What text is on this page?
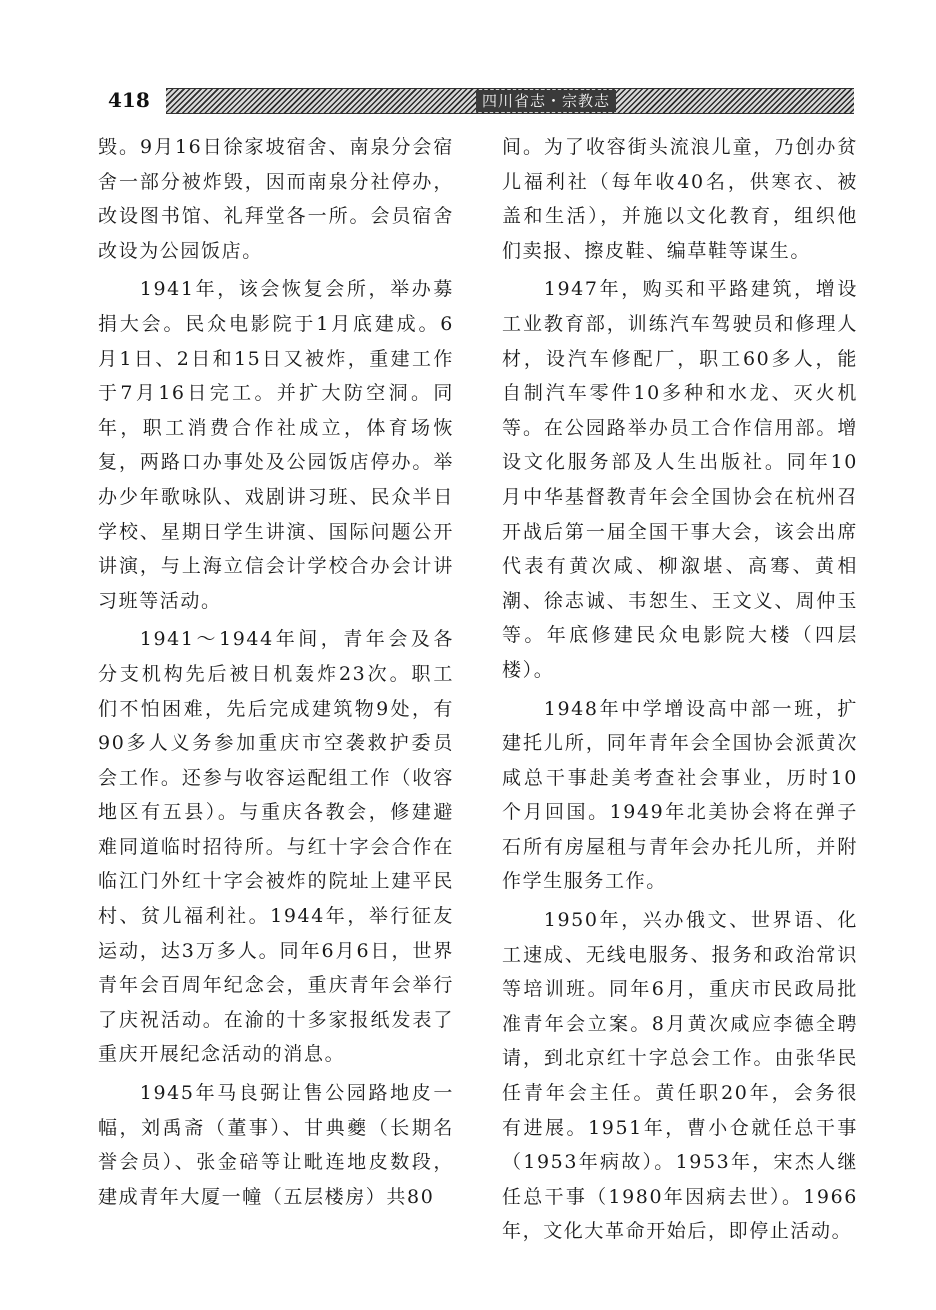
418	四川省志・宗教志

毁。9月16日徐家坡宿舍、南泉分会宿舍一部分被炸毁，因而南泉分社停办，改设图书馆、礼拜堂各一所。会员宿舍改设为公园饭店。

1941年，该会恢复会所，举办募捐大会。民众电影院于1月底建成。6月1日、2日和15日又被炸，重建工作于7月16日完工。并扩大防空洞。同年，职工消费合作社成立，体育场恢复，两路口办事处及公园饭店停办。举办少年歌咏队、戏剧讲习班、民众半日学校、星期日学生讲演、国际问题公开讲演，与上海立信会计学校合办会计讲习班等活动。

1941～1944年间，青年会及各分支机构先后被日机轰炸23次。职工们不怕困难，先后完成建筑物9处，有90多人义务参加重庆市空袭救护委员会工作。还参与收容运配组工作（收容地区有五县）。与重庆各教会，修建避难同道临时招待所。与红十字会合作在临江门外红十字会被炸的院址上建平民村、贫儿福利社。1944年，举行征友运动，达3万多人。同年6月6日，世界青年会百周年纪念会，重庆青年会举行了庆祝活动。在渝的十多家报纸发表了重庆开展纪念活动的消息。

1945年马良弼让售公园路地皮一幅，刘禹斋（董事）、甘典夔（长期名誉会员）、张金碚等让毗连地皮数段，建成青年大厦一幢（五层楼房）共80

间。为了收容街头流浪儿童，乃创办贫儿福利社（每年收40名，供寒衣、被盖和生活），并施以文化教育，组织他们卖报、擦皮鞋、编草鞋等谋生。

1947年，购买和平路建筑，增设工业教育部，训练汽车驾驶员和修理人材，设汽车修配厂，职工60多人，能自制汽车零件10多种和水龙、灭火机等。在公园路举办员工合作信用部。增设文化服务部及人生出版社。同年10月中华基督教青年会全国协会在杭州召开战后第一届全国干事大会，该会出席代表有黄次咸、柳溆堪、高骞、黄相潮、徐志诚、韦恕生、王文义、周仲玉等。年底修建民众电影院大楼（四层楼）。

1948年中学增设高中部一班，扩建托儿所，同年青年会全国协会派黄次咸总干事赴美考查社会事业，历时10个月回国。1949年北美协会将在弹子石所有房屋租与青年会办托儿所，并附作学生服务工作。

1950年，兴办俄文、世界语、化工速成、无线电服务、报务和政治常识等培训班。同年6月，重庆市民政局批准青年会立案。8月黄次咸应李德全聘请，到北京红十字总会工作。由张华民任青年会主任。黄任职20年，会务很有进展。1951年，曹小仓就任总干事（1953年病故）。1953年，宋杰人继任总干事（1980年因病去世）。1966年，文化大革命开始后，即停止活动。
